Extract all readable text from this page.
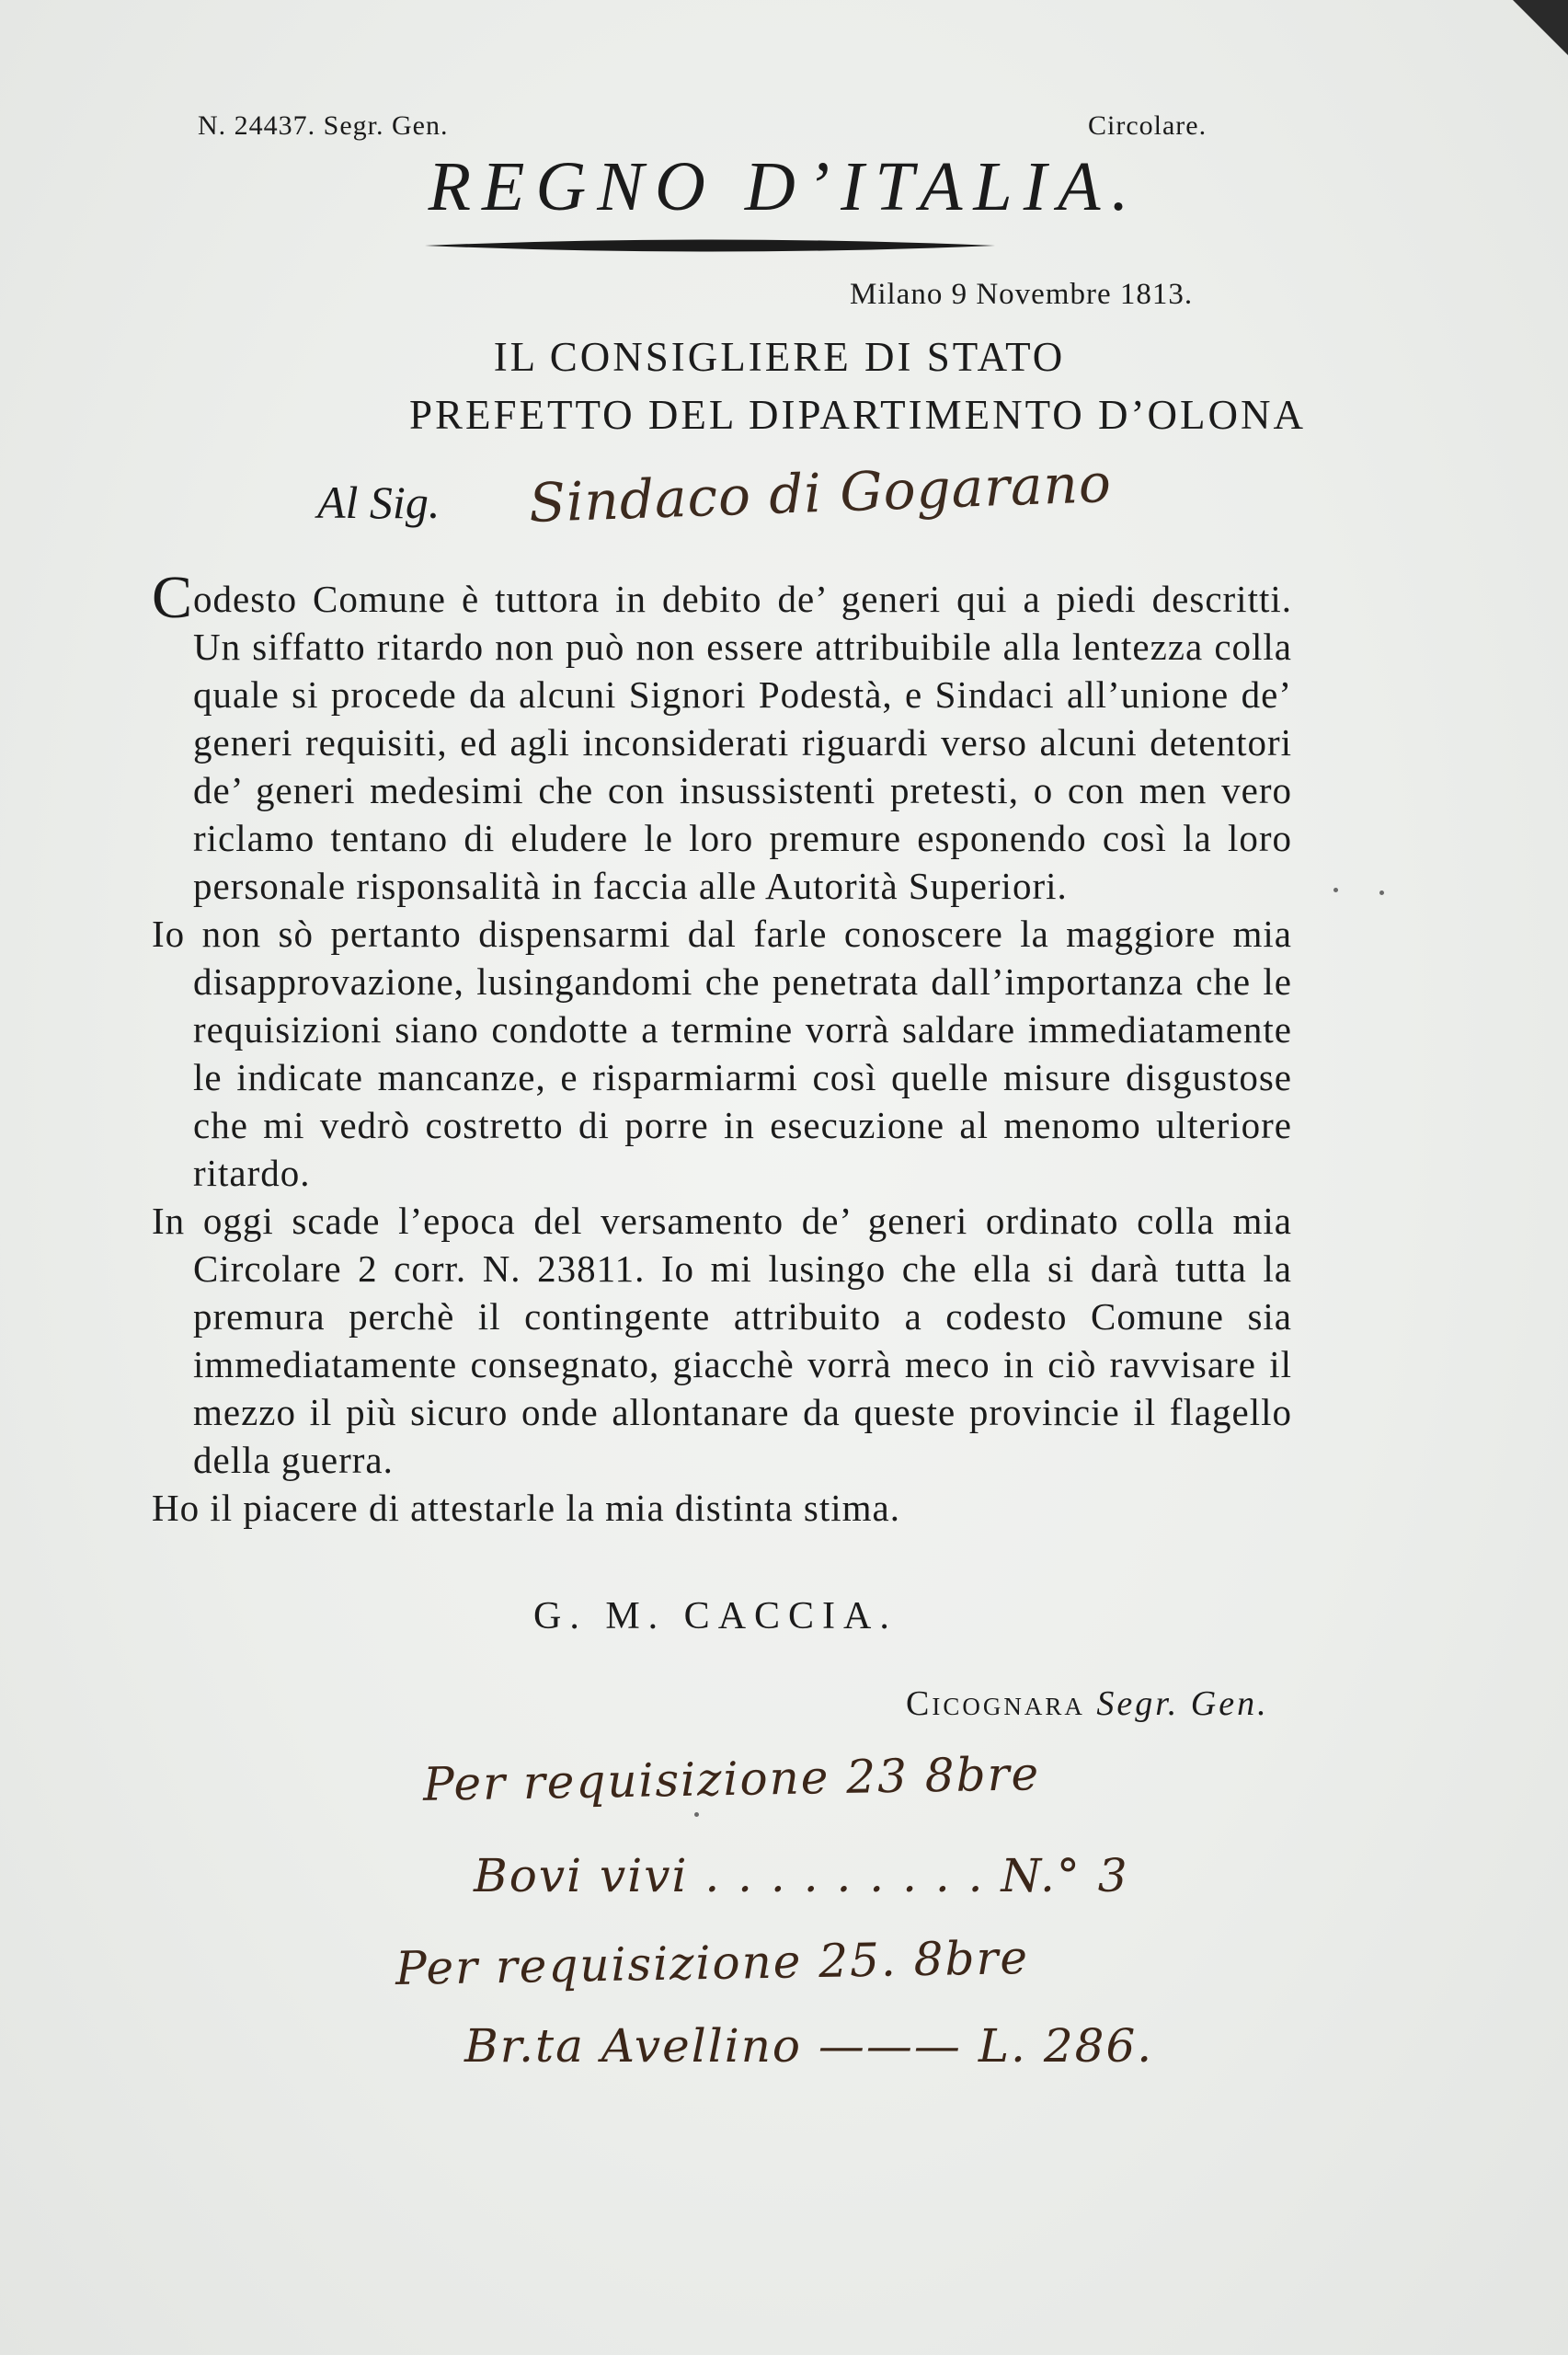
N. 24437. Segr. Gen.	Circolare.
REGNO D’ITALIA.
Milano 9 Novembre 1813.
IL CONSIGLIERE DI STATO
PREFETTO DEL DIPARTIMENTO D’OLONA
Al Sig. Sindaco di Gogarano

Codesto Comune è tuttora in debito de’ generi qui a piedi descritti. Un siffatto ritardo non può non essere attribuibile alla lentezza colla quale si procede da alcuni Signori Podestà, e Sindaci all’unione de’ generi requisiti, ed agli inconsiderati riguardi verso alcuni detentori de’ generi medesimi che con insussistenti pretesti, o con men vero riclamo tentano di eludere le loro premure esponendo così la loro personale risponsalità in faccia alle Autorità Superiori.

Io non sò pertanto dispensarmi dal farle conoscere la maggiore mia disapprovazione, lusingandomi che penetrata dall’importanza che le requisizioni siano condotte a termine vorrà saldare immediatamente le indicate mancanze, e risparmiarmi così quelle misure disgustose che mi vedrò costretto di porre in esecuzione al menomo ulteriore ritardo.

In oggi scade l’epoca del versamento de’ generi ordinato colla mia Circolare 2 corr. N. 23811. Io mi lusingo che ella si darà tutta la premura perchè il contingente attribuito a codesto Comune sia immediatamente consegnato, giacchè vorrà meco in ciò ravvisare il mezzo il più sicuro onde allontanare da queste provincie il flagello della guerra.

Ho il piacere di attestarle la mia distinta stima.

G. M. CACCIA.
Cicognara Segr. Gen.
Per requisizione 23 8bre
Bovi vivi . . . . . . . . . N.° 3
Per requisizione 25. 8bre
Br.ta Avellino ——— L. 286.
